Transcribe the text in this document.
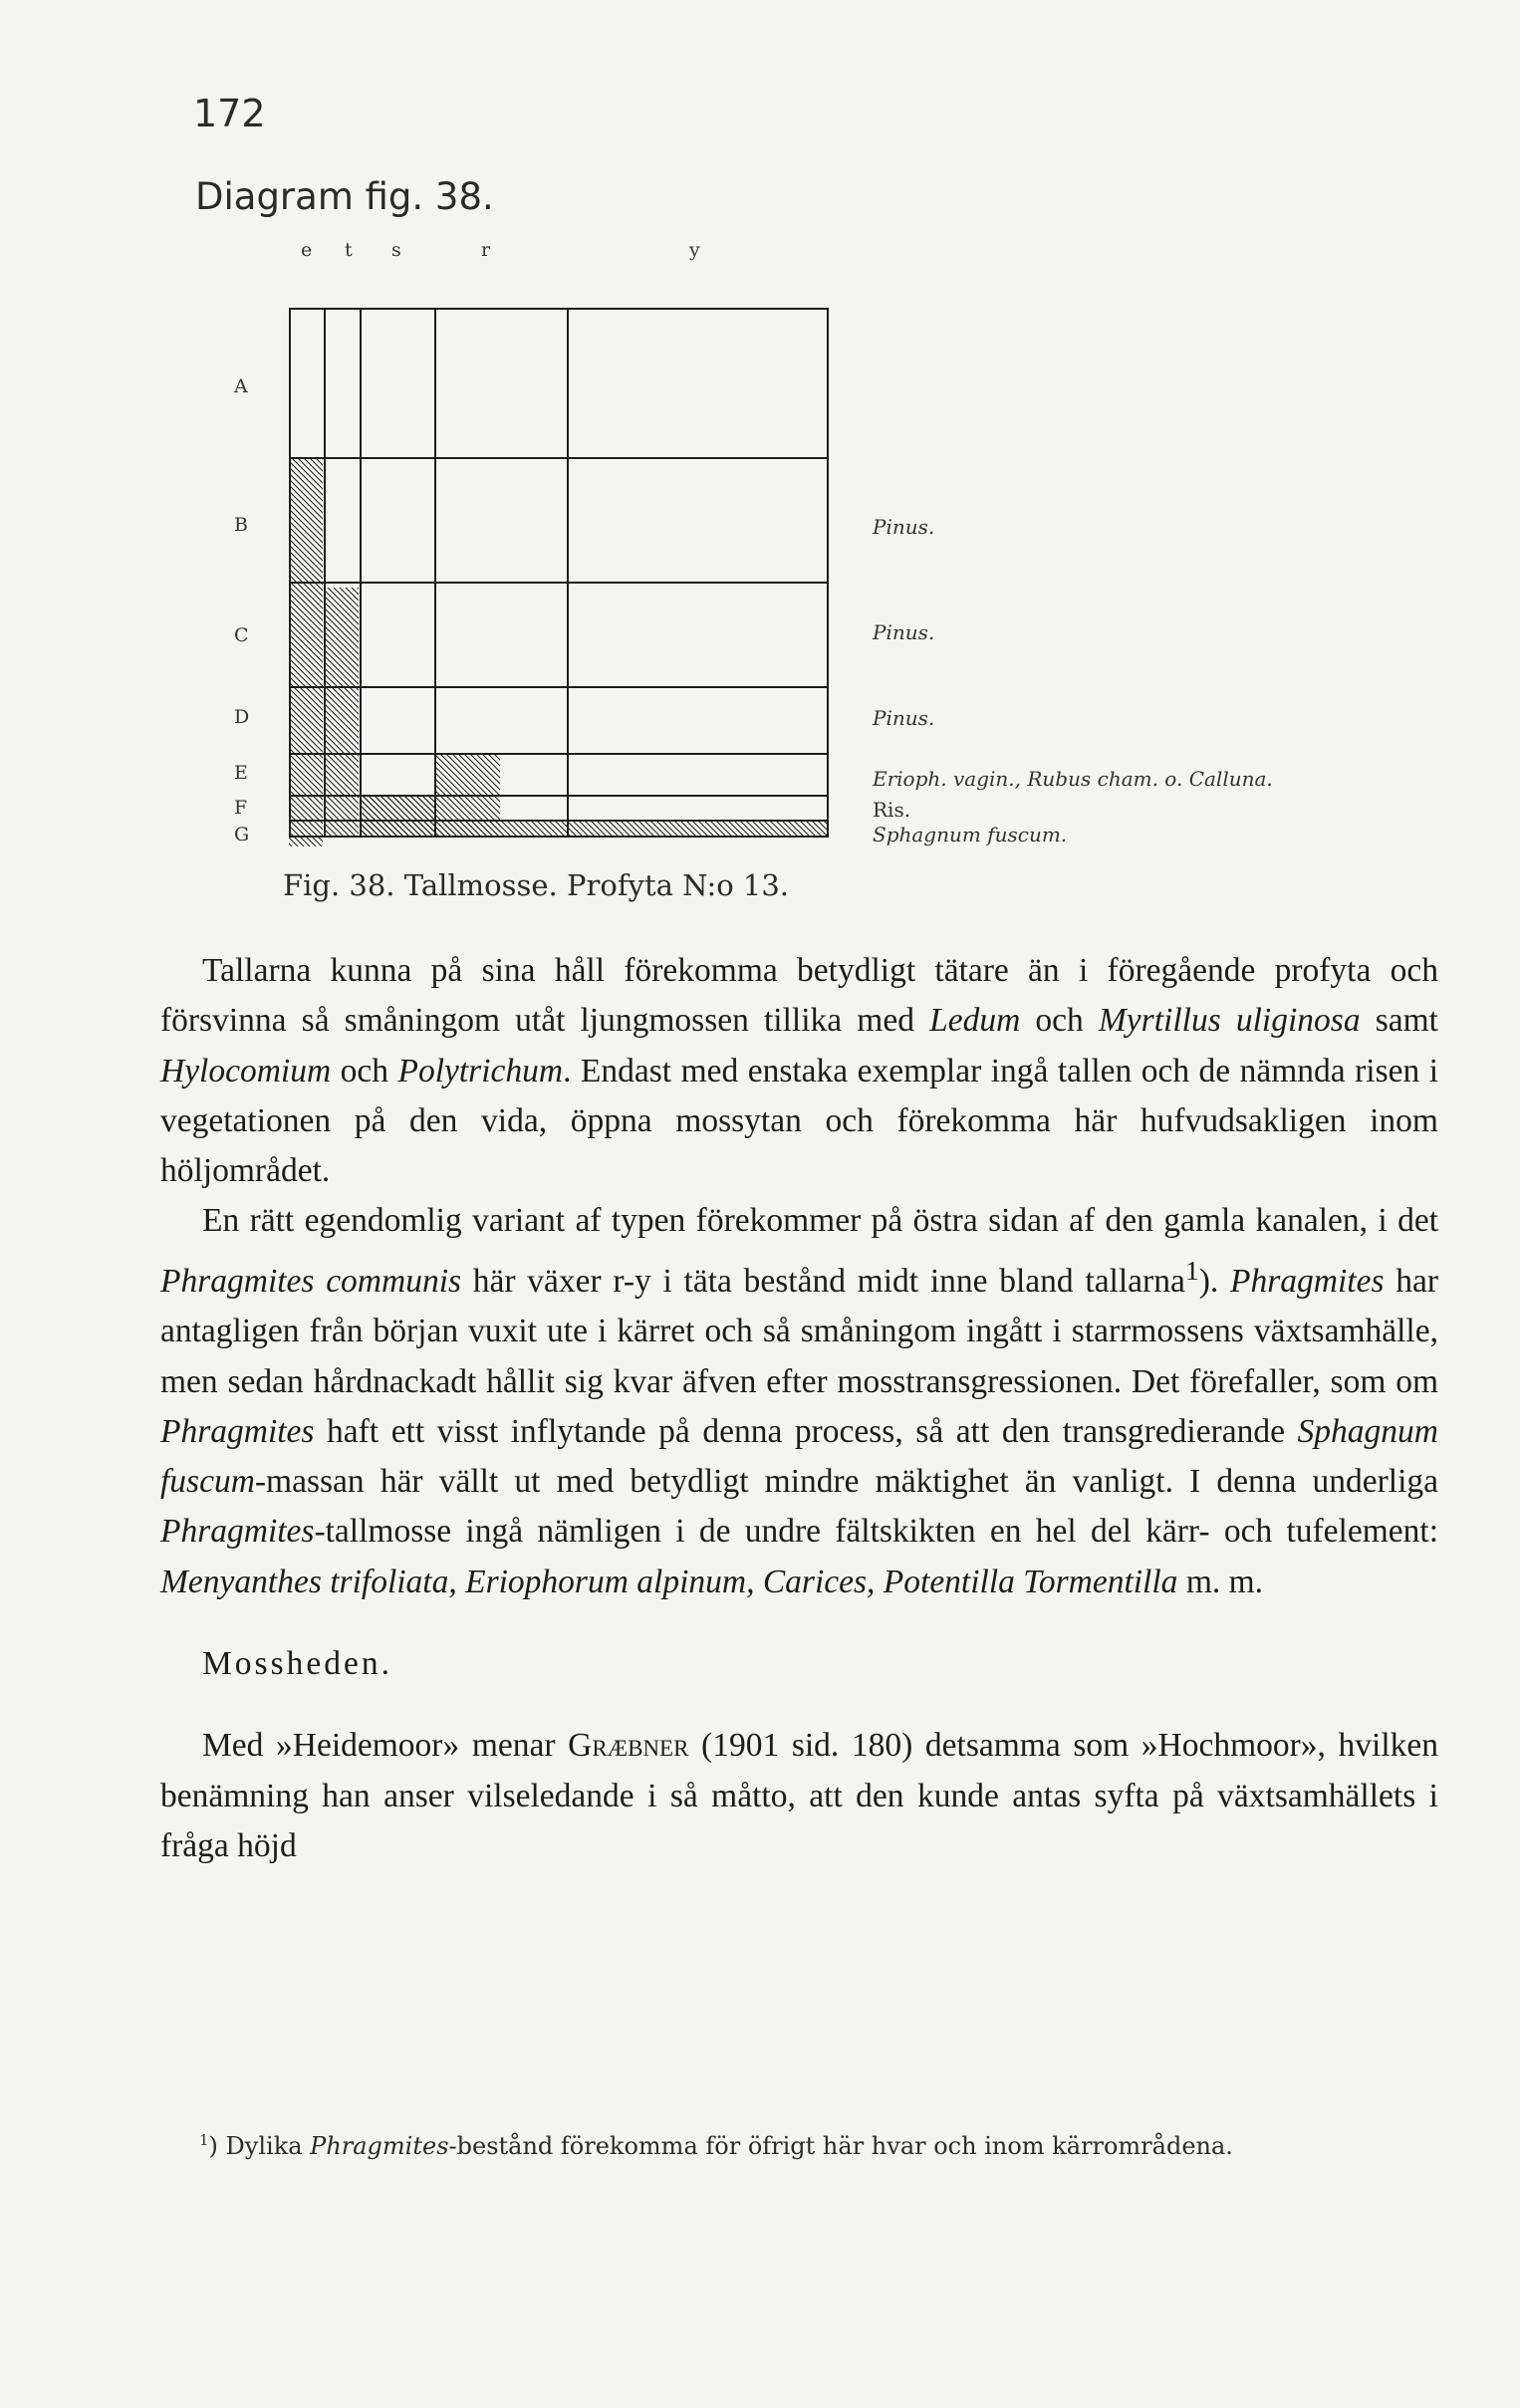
172
Diagram fig. 38.
e t s	r	y
A
B
C
D
E
F
G
Pinus.
Pinus.
Pinus.
Erioph. vagin., Rubus cham. o. Calluna.
Ris.
Sphagnum fuscum.
Fig. 38. Tallmosse. Profyta N:o 13.

Tallarna kunna på sina håll förekomma betydligt tätare än i föregående profyta och försvinna så småningom utåt ljungmossen tillika med Ledum och Myrtillus uliginosa samt Hylocomium och Polytrichum. Endast med enstaka exemplar ingå tallen och de nämnda risen i vegetationen på den vida, öppna mossytan och förekomma här hufvudsakligen inom höljområdet.

En rätt egendomlig variant af typen förekommer på östra sidan af den gamla kanalen, i det Phragmites communis här växer r-y i täta bestånd midt inne bland tallarna$^1$). Phragmites har antagligen från början vuxit ute i kärret och så småningom ingått i starrmossens växtsamhälle, men sedan hårdnackadt hållit sig kvar äfven efter mosstransgressionen. Det förefaller, som om Phragmites haft ett visst inflytande på denna process, så att den transgredierande Sphagnum fuscum-massan här vällt ut med betydligt mindre mäktighet än vanligt. I denna underliga Phragmites-tallmosse ingå nämligen i de undre fältskikten en hel del kärr- och tufelement: Menyanthes trifoliata, Eriophorum alpinum, Carices, Potentilla Tormentilla m. m.

Mossheden.

Med »Heidemoor» menar Græbner (1901 sid. 180) detsamma som »Hochmoor», hvilken benämning han anser vilseledande i så måtto, att den kunde antas syfta på växtsamhällets i fråga höjd

$^1$) Dylika Phragmites-bestånd förekomma för öfrigt här hvar och inom kärrområdena.
